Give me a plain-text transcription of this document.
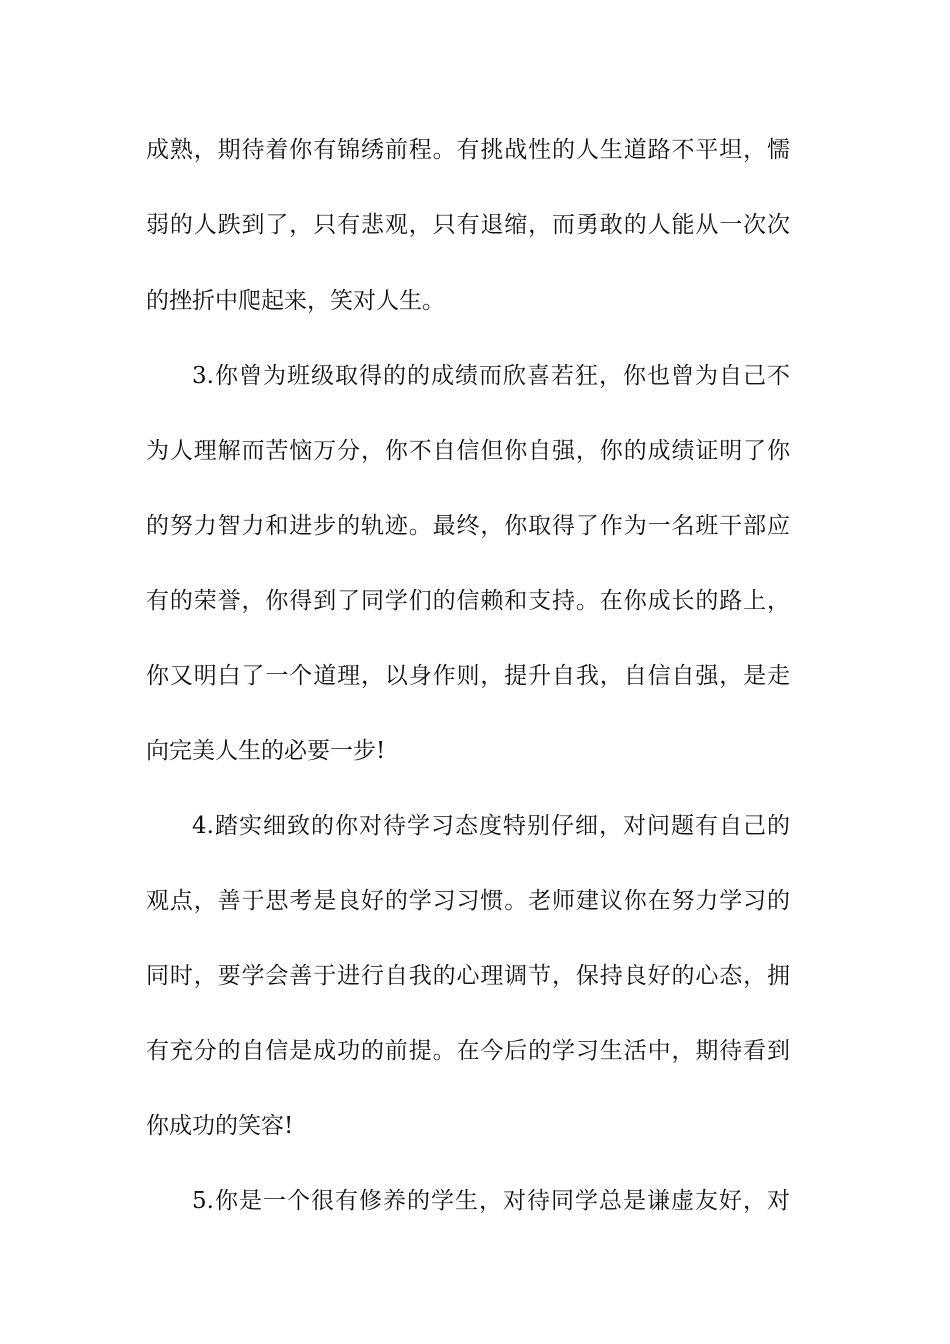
成熟，期待着你有锦绣前程。有挑战性的人生道路不平坦，懦
弱的人跌到了，只有悲观，只有退缩，而勇敢的人能从一次次
的挫折中爬起来，笑对人生。
3.你曾为班级取得的的成绩而欣喜若狂，你也曾为自己不
为人理解而苦恼万分，你不自信但你自强，你的成绩证明了你
的努力智力和进步的轨迹。最终，你取得了作为一名班干部应
有的荣誉，你得到了同学们的信赖和支持。在你成长的路上，
你又明白了一个道理，以身作则，提升自我，自信自强，是走
向完美人生的必要一步!
4.踏实细致的你对待学习态度特别仔细，对问题有自己的
观点，善于思考是良好的学习习惯。老师建议你在努力学习的
同时，要学会善于进行自我的心理调节，保持良好的心态，拥
有充分的自信是成功的前提。在今后的学习生活中，期待看到
你成功的笑容!
5.你是一个很有修养的学生，对待同学总是谦虚友好，对
